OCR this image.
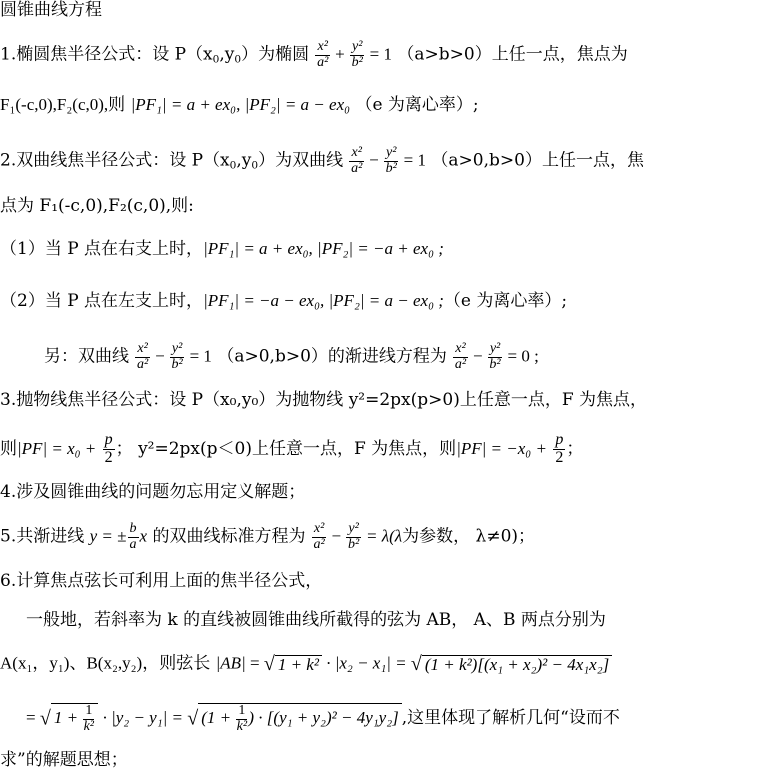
圆锥曲线方程
1.椭圆焦半径公式：设 $P(x_0,y_0)$为椭圆 $\frac{\text{x²}}{\text{a²}} + \frac{\text{y²}}{\text{b²}} = 1$ （a>b>0）上任一点，焦点为
F₁(-c,0),F₂(c,0),则 |PF₁| = a + ex₀, |PF₂| = a − ex₀ （e 为离心率）;
2.双曲线焦半径公式：设 $P(x_0,y_0)$为双曲线 $\frac{\text{x²}}{\text{a²}} - \frac{\text{y²}}{\text{b²}} = 1$ （a>0,b>0）上任一点，焦
点为 F₁(-c,0),F₂(c,0),则:
（1）当 P 点在右支上时，|PF₁| = a + ex₀, |PF₂| = −a + ex₀ ;
（2）当 P 点在左支上时，|PF₁| = −a − ex₀, |PF₂| = a − ex₀ ;（e 为离心率）;
另：双曲线 $\frac{\text{x²}}{\text{a²}} - \frac{\text{y²}}{\text{b²}} = 1$ （a>0,b>0）的渐进线方程为 $\frac{\text{x²}}{\text{a²}} - \frac{\text{y²}}{\text{b²}} = 0$ ;
3.抛物线焦半径公式：设 P（x₀,y₀）为抛物线 y²=2px(p>0)上任意一点，F 为焦点，
则$|PF| = x_0 + \frac{p}{2}$ ； y²=2px(p＜0)上任意一点，F 为焦点，则$|PF| = -x_0 + \frac{p}{2}$ ；
4.涉及圆锥曲线的问题勿忘用定义解题；
5.共渐进线 y = ± $\frac{b}{a}$ x 的双曲线标准方程为 $\frac{\text{x²}}{\text{a²}} - \frac{\text{y²}}{\text{b²}} = \lambda(\lambda$为参数， λ≠0)；
6.计算焦点弦长可利用上面的焦半径公式，
一般地，若斜率为 k 的直线被圆锥曲线所截得的弦为 AB， A、B 两点分别为
A(x₁，y₁)、B(x₂,y₂)，则弦长 |AB| = √ 1 + k² · |x₂ − x₁| = √ (1 + k²)[(x₁ + x₂)² − 4x₁x₂]
= √ $1 + \frac{1}{\text{k²}} \cdot |y_2 - y_1|$ = √ ($1 + \frac{1}{\text{k²}}$ ) · [(y₁ + y₂)² − 4y₁y₂] ,这里体现了解析几何“设而不
求”的解题思想；
